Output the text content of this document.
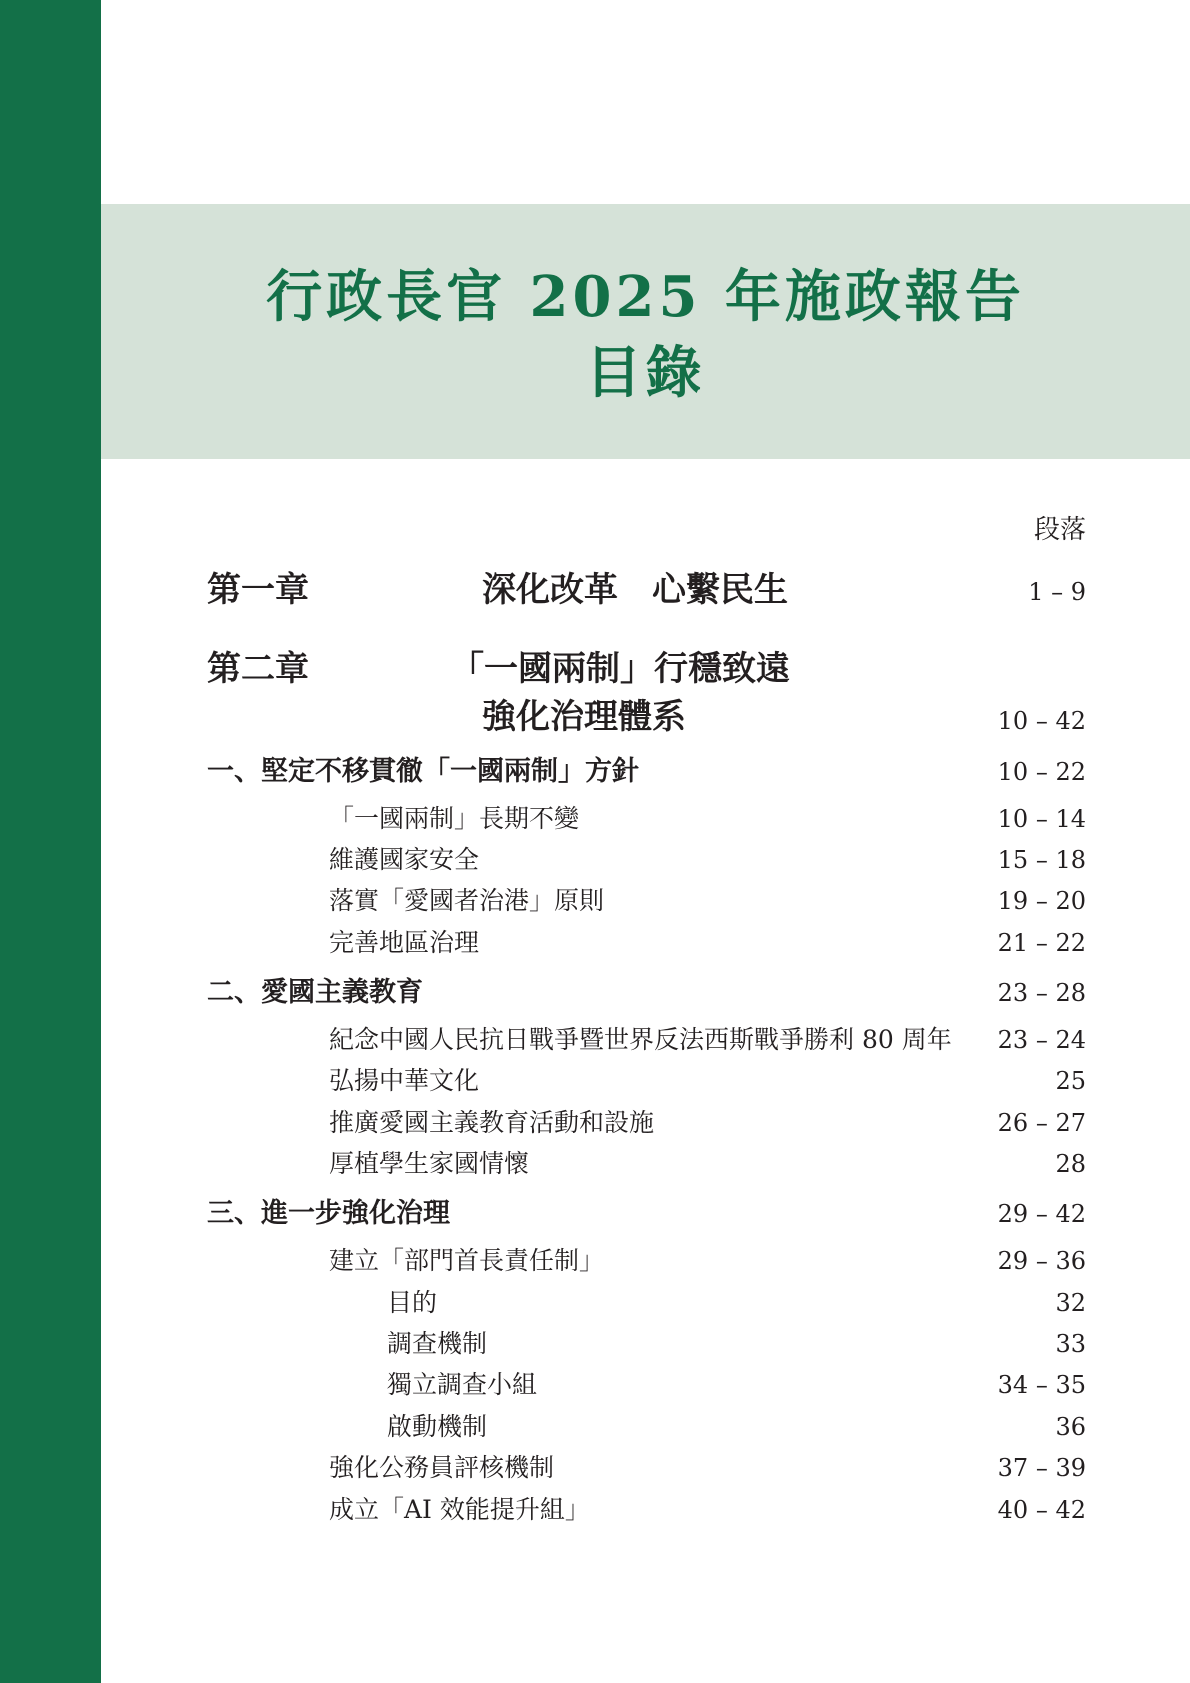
行政長官 2025 年施政報告
目錄
段落
第一章	深化改革　心繫民生	1 – 9
第二章	「一國兩制」行穩致遠
強化治理體系	10 – 42
一、堅定不移貫徹「一國兩制」方針	10 – 22
「一國兩制」長期不變	10 – 14
維護國家安全	15 – 18
落實「愛國者治港」原則	19 – 20
完善地區治理	21 – 22
二、愛國主義教育	23 – 28
紀念中國人民抗日戰爭暨世界反法西斯戰爭勝利 80 周年 23 – 24
弘揚中華文化	25
推廣愛國主義教育活動和設施	26 – 27
厚植學生家國情懷	28
三、進一步強化治理	29 – 42
建立「部門首長責任制」	29 – 36
目的	32
調查機制	33
獨立調查小組	34 – 35
啟動機制	36
強化公務員評核機制	37 – 39
成立「AI 效能提升組」	40 – 42
